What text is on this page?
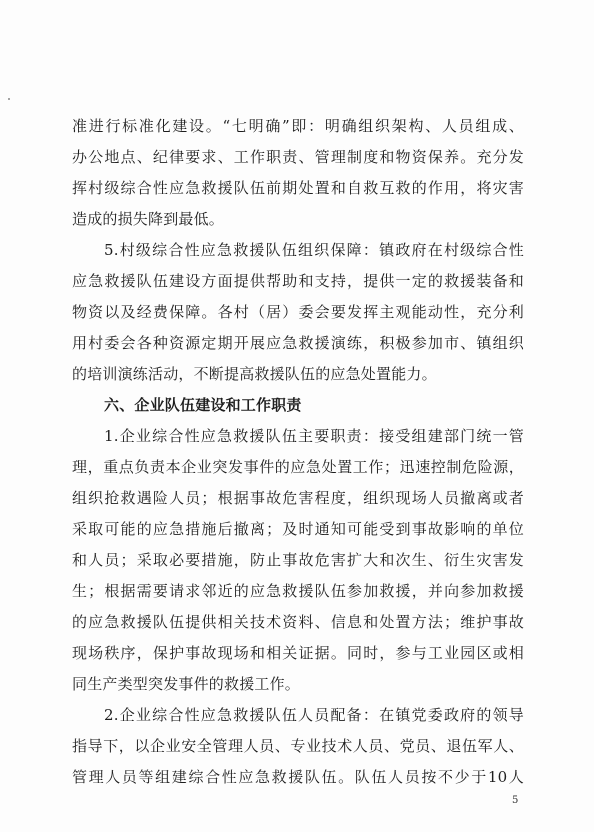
准进行标准化建设。“七明确”即：明确组织架构、人员组成、
办公地点、纪律要求、工作职责、管理制度和物资保养。充分发
挥村级综合性应急救援队伍前期处置和自救互救的作用，将灾害
造成的损失降到最低。
5.村级综合性应急救援队伍组织保障：镇政府在村级综合性
应急救援队伍建设方面提供帮助和支持，提供一定的救援装备和
物资以及经费保障。各村（居）委会要发挥主观能动性，充分利
用村委会各种资源定期开展应急救援演练，积极参加市、镇组织
的培训演练活动，不断提高救援队伍的应急处置能力。
六、企业队伍建设和工作职责
1.企业综合性应急救援队伍主要职责：接受组建部门统一管
理，重点负责本企业突发事件的应急处置工作；迅速控制危险源，
组织抢救遇险人员；根据事故危害程度，组织现场人员撤离或者
采取可能的应急措施后撤离；及时通知可能受到事故影响的单位
和人员；采取必要措施，防止事故危害扩大和次生、衍生灾害发
生；根据需要请求邻近的应急救援队伍参加救援，并向参加救援
的应急救援队伍提供相关技术资料、信息和处置方法；维护事故
现场秩序，保护事故现场和相关证据。同时，参与工业园区或相
同生产类型突发事件的救援工作。
2.企业综合性应急救援队伍人员配备：在镇党委政府的领导
指导下，以企业安全管理人员、专业技术人员、党员、退伍军人、
管理人员等组建综合性应急救援队伍。队伍人员按不少于10人
5
